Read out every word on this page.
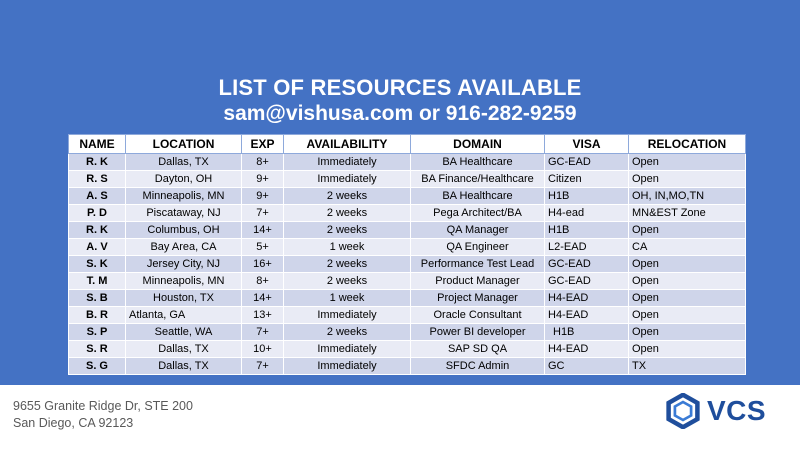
LIST OF RESOURCES AVAILABLE
sam@vishusa.com or 916-282-9259
NAME	LOCATION	EXP	AVAILABILITY	DOMAIN	VISA	RELOCATION
R. K	Dallas, TX	8+	Immediately	BA Healthcare	GC-EAD	Open
R. S	Dayton, OH	9+	Immediately	BA Finance/Healthcare	Citizen	Open
A. S	Minneapolis, MN	9+	2 weeks	BA Healthcare	H1B	OH, IN,MO,TN
P. D	Piscataway, NJ	7+	2 weeks	Pega Architect/BA	H4-ead	MN&EST Zone
R. K	Columbus, OH	14+	2 weeks	QA Manager	H1B	Open
A. V	Bay Area, CA	5+	1 week	QA Engineer	L2-EAD	CA
S. K	Jersey City, NJ	16+	2 weeks	Performance Test Lead	GC-EAD	Open
T. M	Minneapolis, MN	8+	2 weeks	Product Manager	GC-EAD	Open
S. B	Houston, TX	14+	1 week	Project Manager	H4-EAD	Open
B. R	Atlanta, GA	13+	Immediately	Oracle Consultant	H4-EAD	Open
S. P	Seattle, WA	7+	2 weeks	Power BI developer	H1B	Open
S. R	Dallas, TX	10+	Immediately	SAP SD QA	H4-EAD	Open
S. G	Dallas, TX	7+	Immediately	SFDC Admin	GC	TX
9655 Granite Ridge Dr, STE 200
San Diego, CA 92123	VCS
